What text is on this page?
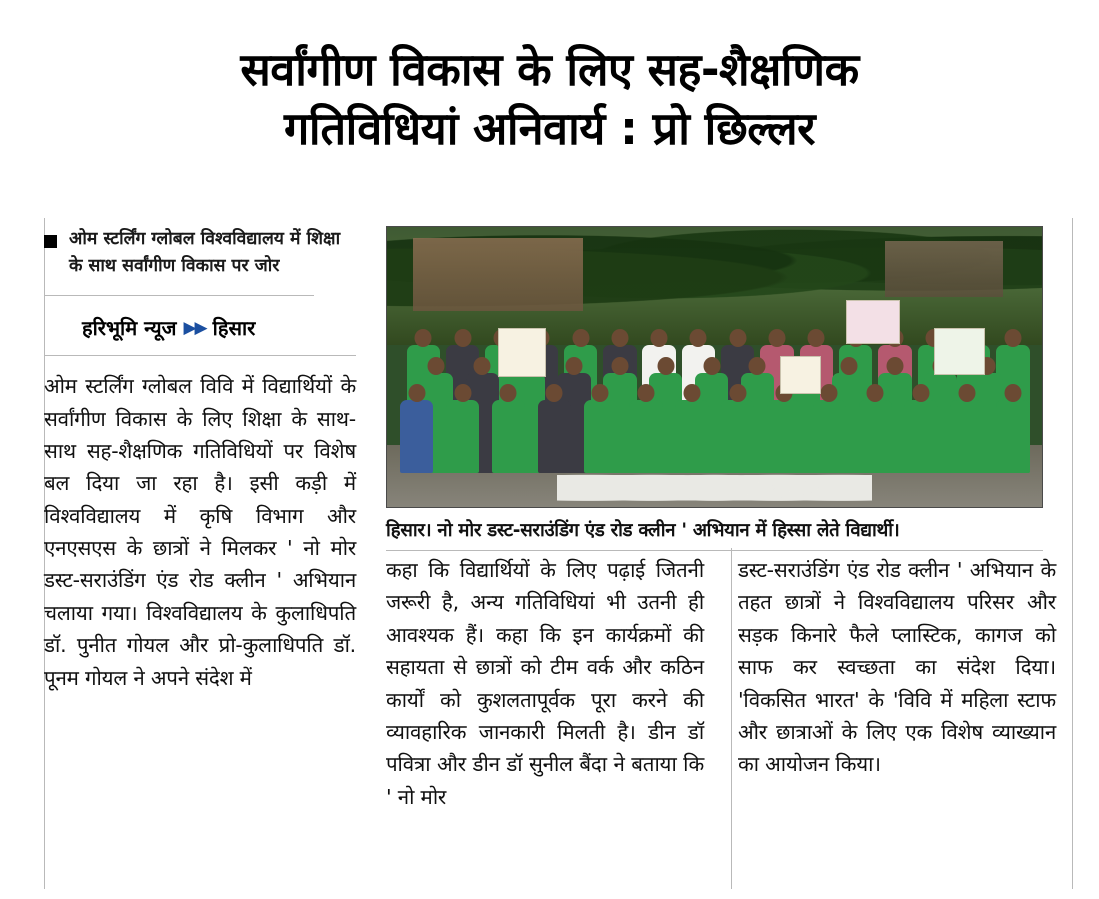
सर्वांगीण विकास के लिए सह-शैक्षणिक
गतिविधियां अनिवार्य : प्रो छिल्लर
ओम स्टर्लिंग ग्लोबल विश्वविद्यालय में शिक्षा के साथ सर्वांगीण विकास पर जोर
हरिभूमि न्यूज ▶▶ हिसार
ओम स्टर्लिंग ग्लोबल विवि में विद्यार्थियों के सर्वांगीण विकास के लिए शिक्षा के साथ-साथ सह-शैक्षणिक गतिविधियों पर विशेष बल दिया जा रहा है। इसी कड़ी में विश्वविद्यालय में कृषि विभाग और एनएसएस के छात्रों ने मिलकर ' नो मोर डस्ट-सराउंडिंग एंड रोड क्लीन ' अभियान चलाया गया। विश्वविद्यालय के कुलाधिपति डॉ. पुनीत गोयल और प्रो-कुलाधिपति डॉ. पूनम गोयल ने अपने संदेश में
हिसार। नो मोर डस्ट-सराउंडिंग एंड रोड क्लीन ' अभियान में हिस्सा लेते विद्यार्थी।
कहा कि विद्यार्थियों के लिए पढ़ाई जितनी जरूरी है, अन्य गतिविधियां भी उतनी ही आवश्यक हैं। कहा कि इन कार्यक्रमों की सहायता से छात्रों को टीम वर्क और कठिन कार्यों को कुशलतापूर्वक पूरा करने की व्यावहारिक जानकारी मिलती है। डीन डॉ पवित्रा और डीन डॉ सुनील बैंदा ने बताया कि ' नो मोर
डस्ट-सराउंडिंग एंड रोड क्लीन ' अभियान के तहत छात्रों ने विश्वविद्यालय परिसर और सड़क किनारे फैले प्लास्टिक, कागज को साफ कर स्वच्छता का संदेश दिया। 'विकसित भारत' के 'विवि में महिला स्टाफ और छात्राओं के लिए एक विशेष व्याख्यान का आयोजन किया।
